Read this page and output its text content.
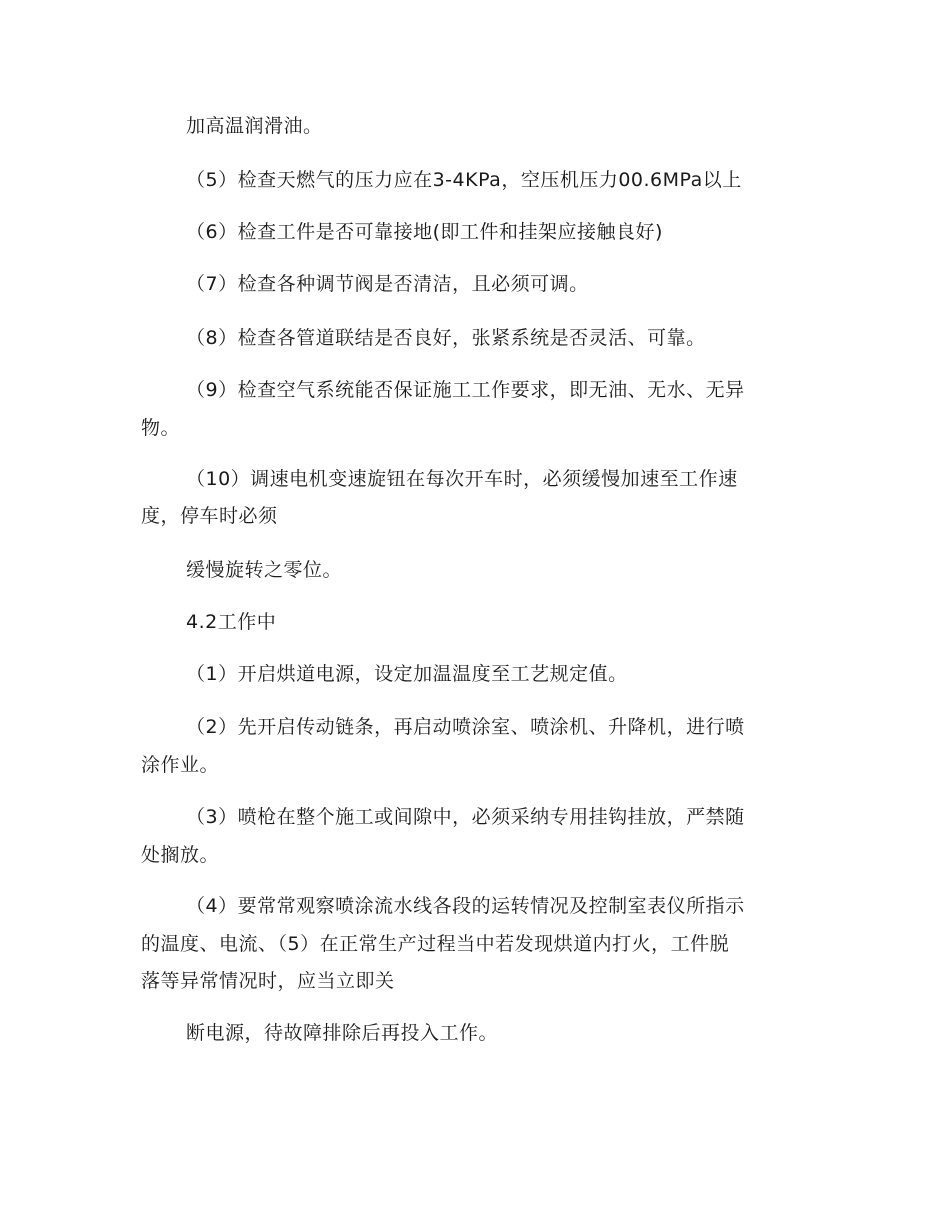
加高温润滑油。
（5）检查天燃气的压力应在3-4KPa，空压机压力00.6MPa以上
（6）检查工件是否可靠接地(即工件和挂架应接触良好)
（7）检查各种调节阀是否清洁，且必须可调。
（8）检查各管道联结是否良好，张紧系统是否灵活、可靠。
（9）检查空气系统能否保证施工工作要求，即无油、无水、无异
物。
（10）调速电机变速旋钮在每次开车时，必须缓慢加速至工作速
度，停车时必须
缓慢旋转之零位。
4.2工作中
（1）开启烘道电源，设定加温温度至工艺规定值。
（2）先开启传动链条，再启动喷涂室、喷涂机、升降机，进行喷
涂作业。
（3）喷枪在整个施工或间隙中，必须采纳专用挂钩挂放，严禁随
处搁放。
（4）要常常观察喷涂流水线各段的运转情况及控制室表仪所指示
的温度、电流、（5）在正常生产过程当中若发现烘道内打火，工件脱
落等异常情况时，应当立即关
断电源，待故障排除后再投入工作。
